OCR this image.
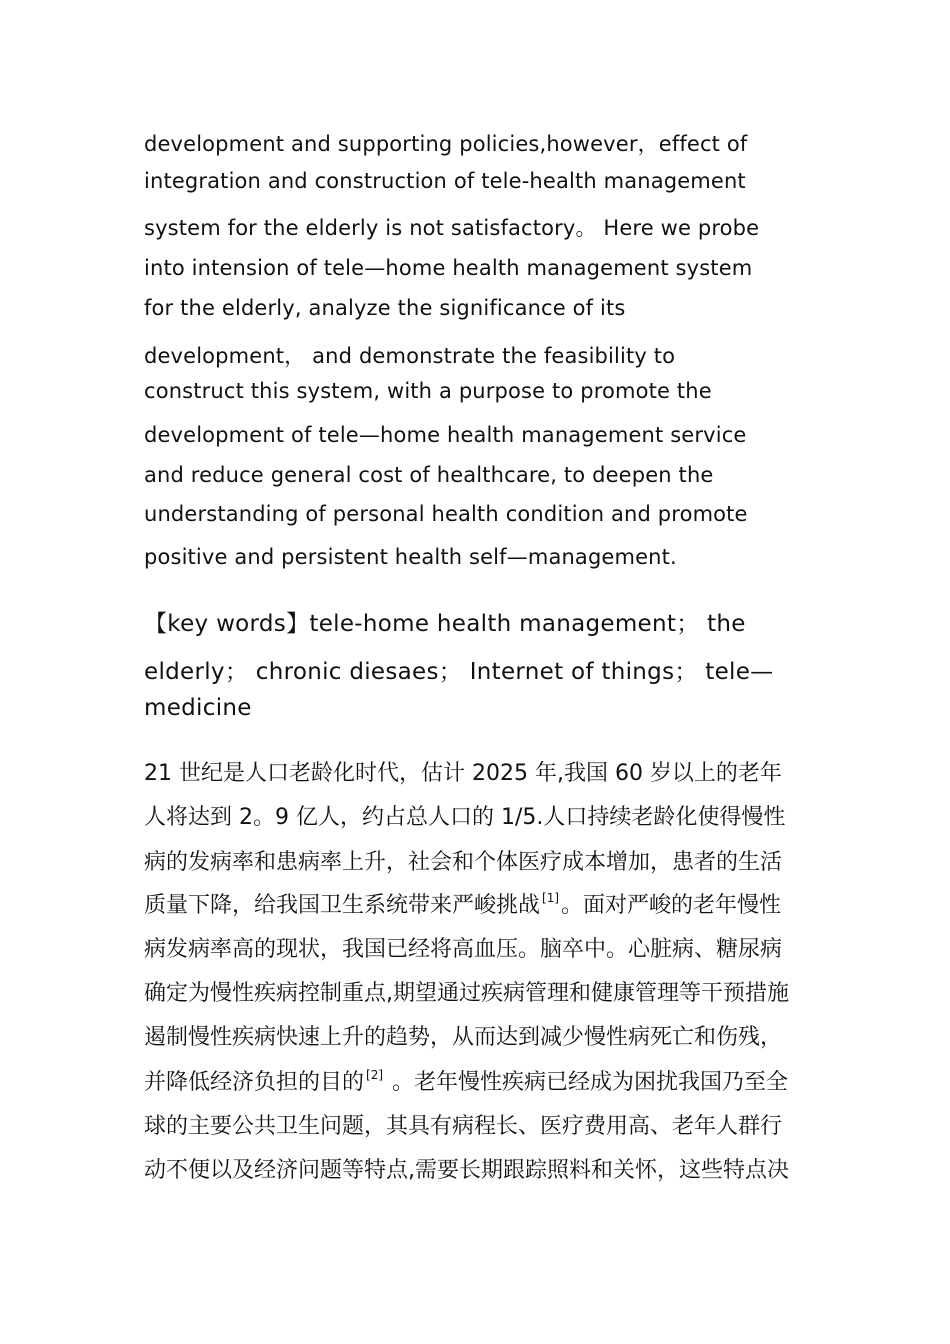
development and supporting policies,however，effect of
integration and construction of tele-health management
system for the elderly is not satisfactory。 Here we probe
into intension of tele—home health management system
for the elderly, analyze the significance of its
development， and demonstrate the feasibility to
construct this system, with a purpose to promote the
development of tele—home health management service
and reduce general cost of healthcare, to deepen the
understanding of personal health condition and promote
positive and persistent health self—management.
【key words】tele-home health management； the
elderly； chronic diesaes； Internet of things； tele—
medicine
21 世纪是人口老龄化时代，估计 2025 年,我国 60 岁以上的老年
人将达到 2。9 亿人，约占总人口的 1/5.人口持续老龄化使得慢性
病的发病率和患病率上升，社会和个体医疗成本增加，患者的生活
质量下降，给我国卫生系统带来严峻挑战 [1]。面对严峻的老年慢性
病发病率高的现状，我国已经将高血压。脑卒中。心脏病、糖尿病
确定为慢性疾病控制重点,期望通过疾病管理和健康管理等干预措施
遏制慢性疾病快速上升的趋势，从而达到减少慢性病死亡和伤残，
并降低经济负担的目的 [2] 。老年慢性疾病已经成为困扰我国乃至全
球的主要公共卫生问题，其具有病程长、医疗费用高、老年人群行
动不便以及经济问题等特点,需要长期跟踪照料和关怀，这些特点决
